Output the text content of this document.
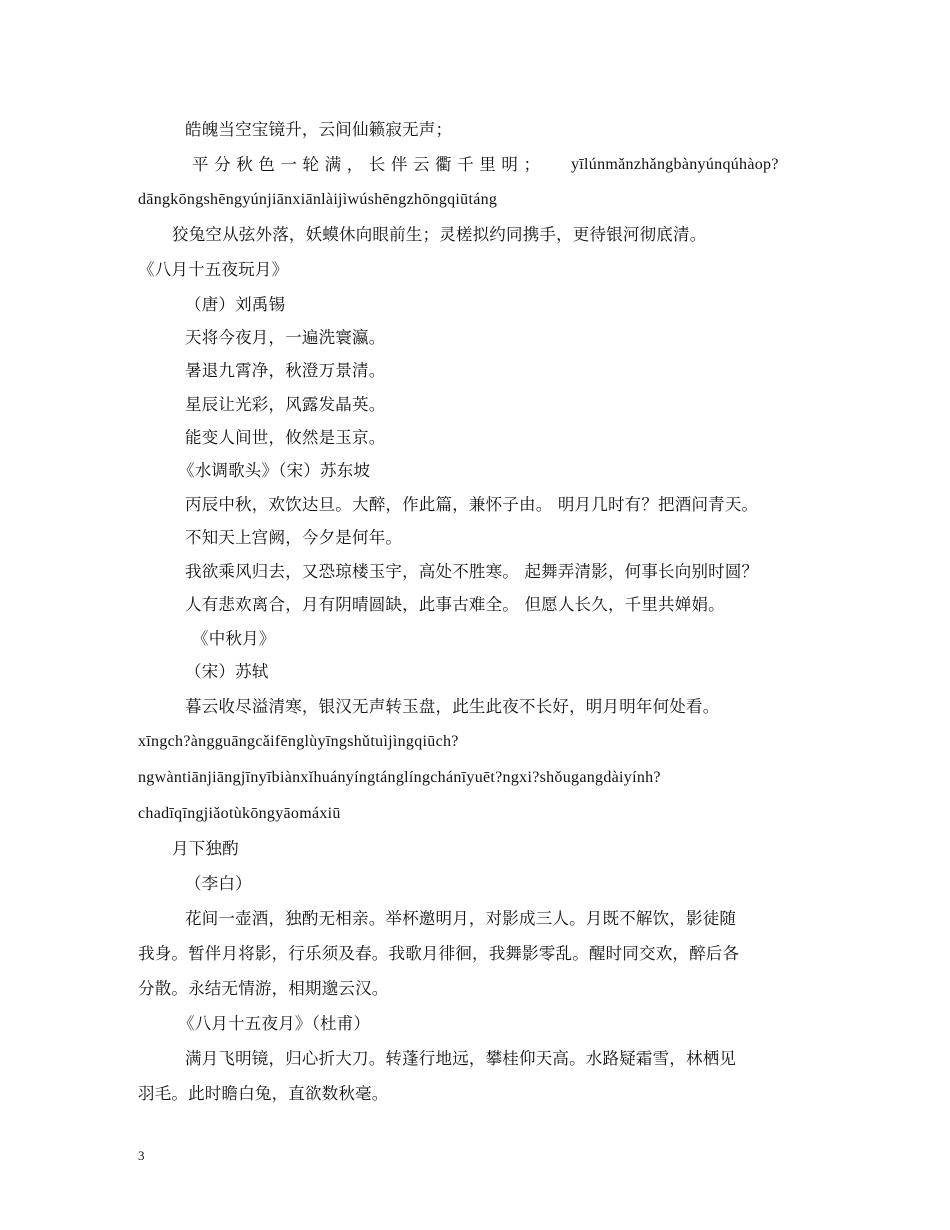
皓魄当空宝镜升，云间仙籁寂无声；
平分秋色一轮满，长伴云衢千里明； yīlúnmǎnzhǎngbànyúnqúhàop?
dāngkōngshēngyúnjiānxiānlàijìwúshēngzhōngqiūtáng
狡兔空从弦外落，妖蟆休向眼前生；灵槎拟约同携手，更待银河彻底清。
《八月十五夜玩月》
（唐）刘禹锡
天将今夜月，一遍洗寰瀛。
暑退九霄净，秋澄万景清。
星辰让光彩，风露发晶英。
能变人间世，攸然是玉京。
《水调歌头》（宋）苏东坡
丙辰中秋，欢饮达旦。大醉，作此篇，兼怀子由。 明月几时有？把酒问青天。
不知天上宫阙，今夕是何年。
我欲乘风归去，又恐琼楼玉宇，高处不胜寒。 起舞弄清影，何事长向别时圆？
人有悲欢离合，月有阴晴圆缺，此事古难全。 但愿人长久，千里共婵娟。
《中秋月》
（宋）苏轼
暮云收尽溢清寒，银汉无声转玉盘，此生此夜不长好，明月明年何处看。
xīngch?àngguāngcǎifēnglùyīngshǔtuìjìngqiūch?
ngwàntiānjiāngjīnyībiànxǐhuányíngtánglíngchánīyuēt?ngxi?shǒugangdàiyính?
chadīqīngjiǎotùkōngyāomáxiū
月下独酌
（李白）
花间一壶酒，独酌无相亲。举杯邀明月，对影成三人。月既不解饮，影徒随
我身。暂伴月将影，行乐须及春。我歌月徘徊，我舞影零乱。醒时同交欢，醉后各
分散。永结无情游，相期邈云汉。
《八月十五夜月》（杜甫）
满月飞明镜，归心折大刀。转蓬行地远，攀桂仰天高。水路疑霜雪，林栖见
羽毛。此时瞻白兔，直欲数秋毫。
3
